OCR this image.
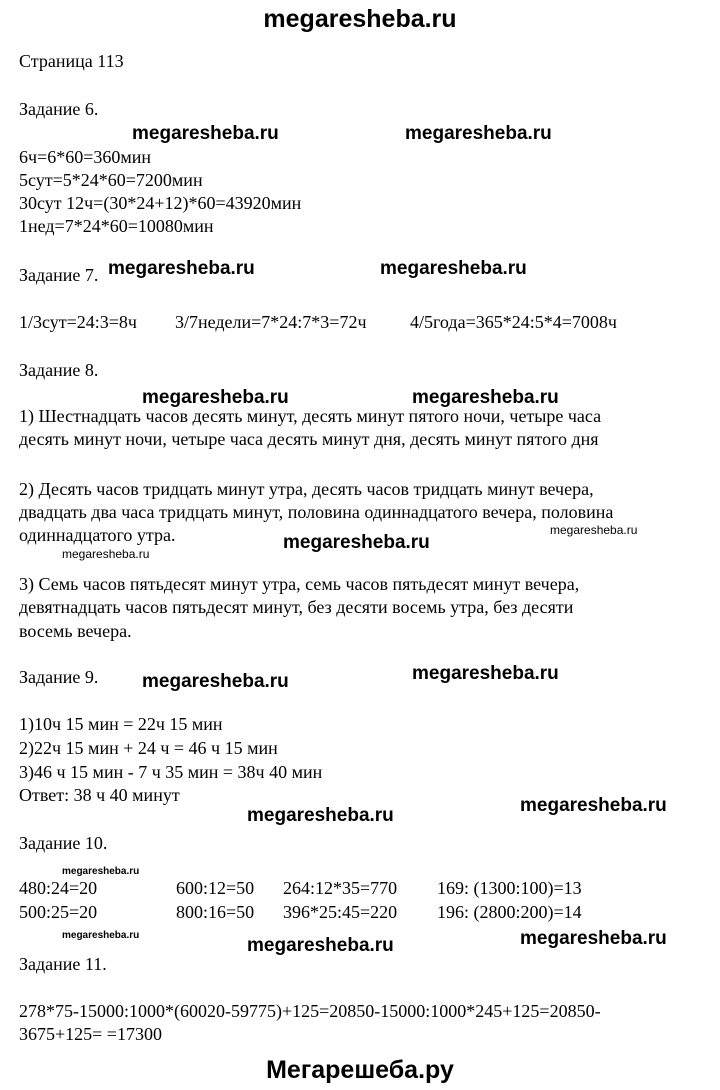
megaresheba.ru
Страница 113
Задание 6.
megaresheba.ru	megaresheba.ru
6ч=6*60=360мин
5сут=5*24*60=7200мин
30сут 12ч=(30*24+12)*60=43920мин
1нед=7*24*60=10080мин
Задание 7. megaresheba.ru	megaresheba.ru
1/3сут=24:3=8ч 3/7недели=7*24:7*3=72ч 4/5года=365*24:5*4=7008ч
Задание 8.
megaresheba.ru	megaresheba.ru
1) Шестнадцать часов десять минут, десять минут пятого ночи, четыре часа
десять минут ночи, четыре часа десять минут дня, десять минут пятого дня
2) Десять часов тридцать минут утра, десять часов тридцать минут вечера,
двадцать два часа тридцать минут, половина одиннадцатого вечера, половина
одиннадцатого утра.	megaresheba.ru
megaresheba.ru
megaresheba.ru
3) Семь часов пятьдесят минут утра, семь часов пятьдесят минут вечера,
девятнадцать часов пятьдесят минут, без десяти восемь утра, без десяти
восемь вечера.
Задание 9. megaresheba.ru	megaresheba.ru
1)10ч 15 мин = 22ч 15 мин
2)22ч 15 мин + 24 ч = 46 ч 15 мин
3)46 ч 15 мин - 7 ч 35 мин = 38ч 40 мин
Ответ: 38 ч 40 минут
megaresheba.ru	megaresheba.ru
Задание 10.
megaresheba.ru
480:24=20	600:12=50 264:12*35=770 169: (1300:100)=13
500:25=20	800:16=50 396*25:45=220 196: (2800:200)=14
megaresheba.ru	megaresheba.ru	megaresheba.ru
Задание 11.
278*75-15000:1000*(60020-59775)+125=20850-15000:1000*245+125=20850-
3675+125= =17300
Мегарешеба.ру
